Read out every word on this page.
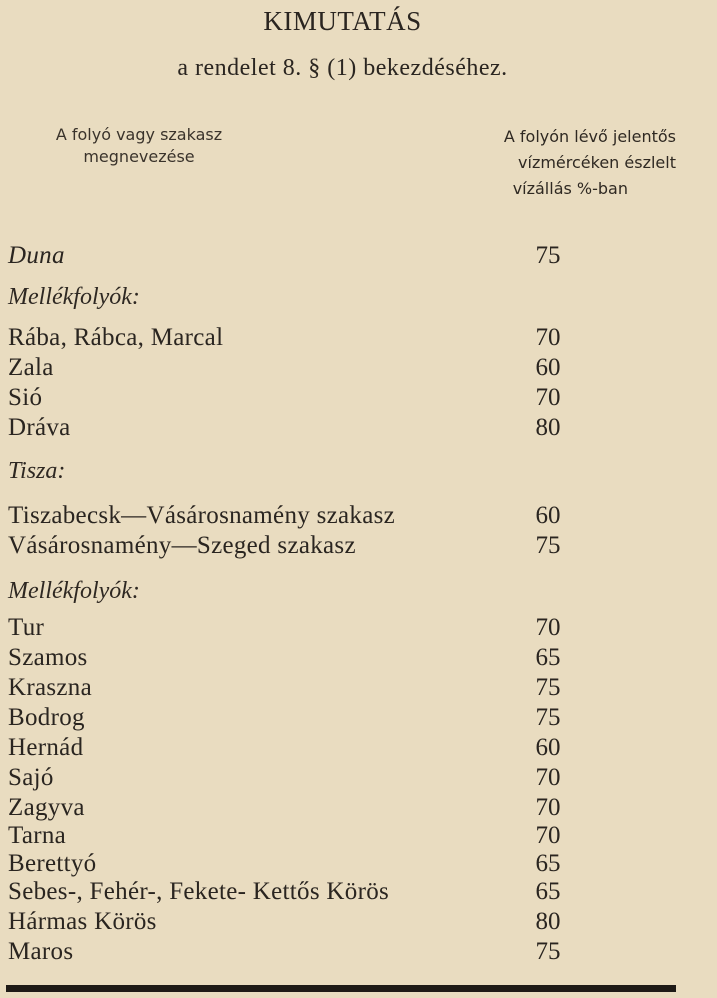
KIMUTATÁS
a rendelet 8. § (1) bekezdéséhez.
A folyó vagy szakasz
megnevezése
A folyón lévő jelentős
vízmércéken észlelt
vízállás %-ban
Duna	75
Mellékfolyók:
Rába, Rábca, Marcal	70
Zala	60
Sió	70
Dráva	80
Tisza:
Tiszabecsk—Vásárosnamény szakasz	60
Vásárosnamény—Szeged szakasz	75
Mellékfolyók:
Tur	70
Szamos	65
Kraszna	75
Bodrog	75
Hernád	60
Sajó	70
Zagyva	70
Tarna	70
Berettyó	65
Sebes-, Fehér-, Fekete- Kettős Körös	65
Hármas Körös	80
Maros	75
